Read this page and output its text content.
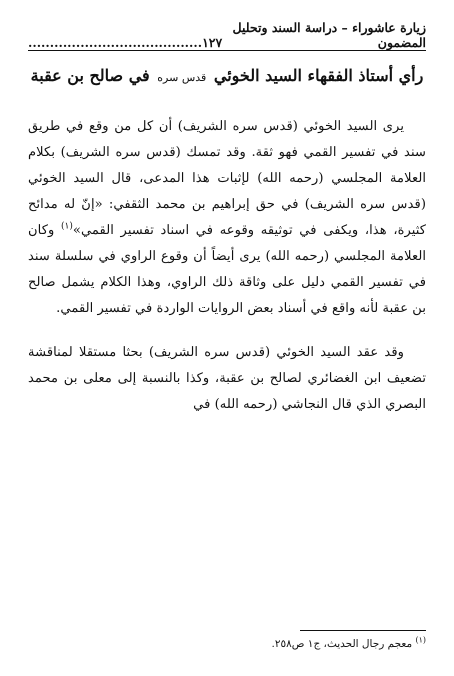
........................................١٢٧
زيارة عاشوراء – دراسة السند وتحليل المضمون
رأي أستاذ الفقهاء السيد الخوئي قدس سره في صالح بن عقبة

يرى السيد الخوئي (قدس سره الشريف) أن كل من وقع في طريق سند في تفسير القمي فهو ثقة. وقد تمسك (قدس سره الشريف) بكلام العلامة المجلسي (رحمه الله) لإثبات هذا المدعى، قال السيد الخوئي (قدس سره الشريف) في حق إبراهيم بن محمد الثقفي: «إنّ له مدائح كثيرة، هذا، ويكفى في توثيقه وقوعه في اسناد تفسير القمي»$^{(١)}$ وكان العلامة المجلسي (رحمه الله) يرى أيضاً أن وقوع الراوي في سلسلة سند في تفسير القمي دليل على وثاقة ذلك الراوي، وهذا الكلام يشمل صالح بن عقبة لأنه واقع في أسناد بعض الروايات الواردة في تفسير القمي.

وقد عقد السيد الخوئي (قدس سره الشريف) بحثا مستقلا لمناقشة تضعيف ابن الغضائري لصالح بن عقبة، وكذا بالنسبة إلى معلى بن محمد البصري الذي قال النجاشي (رحمه الله) في

$^{(١)}$ معجم رجال الحديث، ج١ ص٢٥٨.
